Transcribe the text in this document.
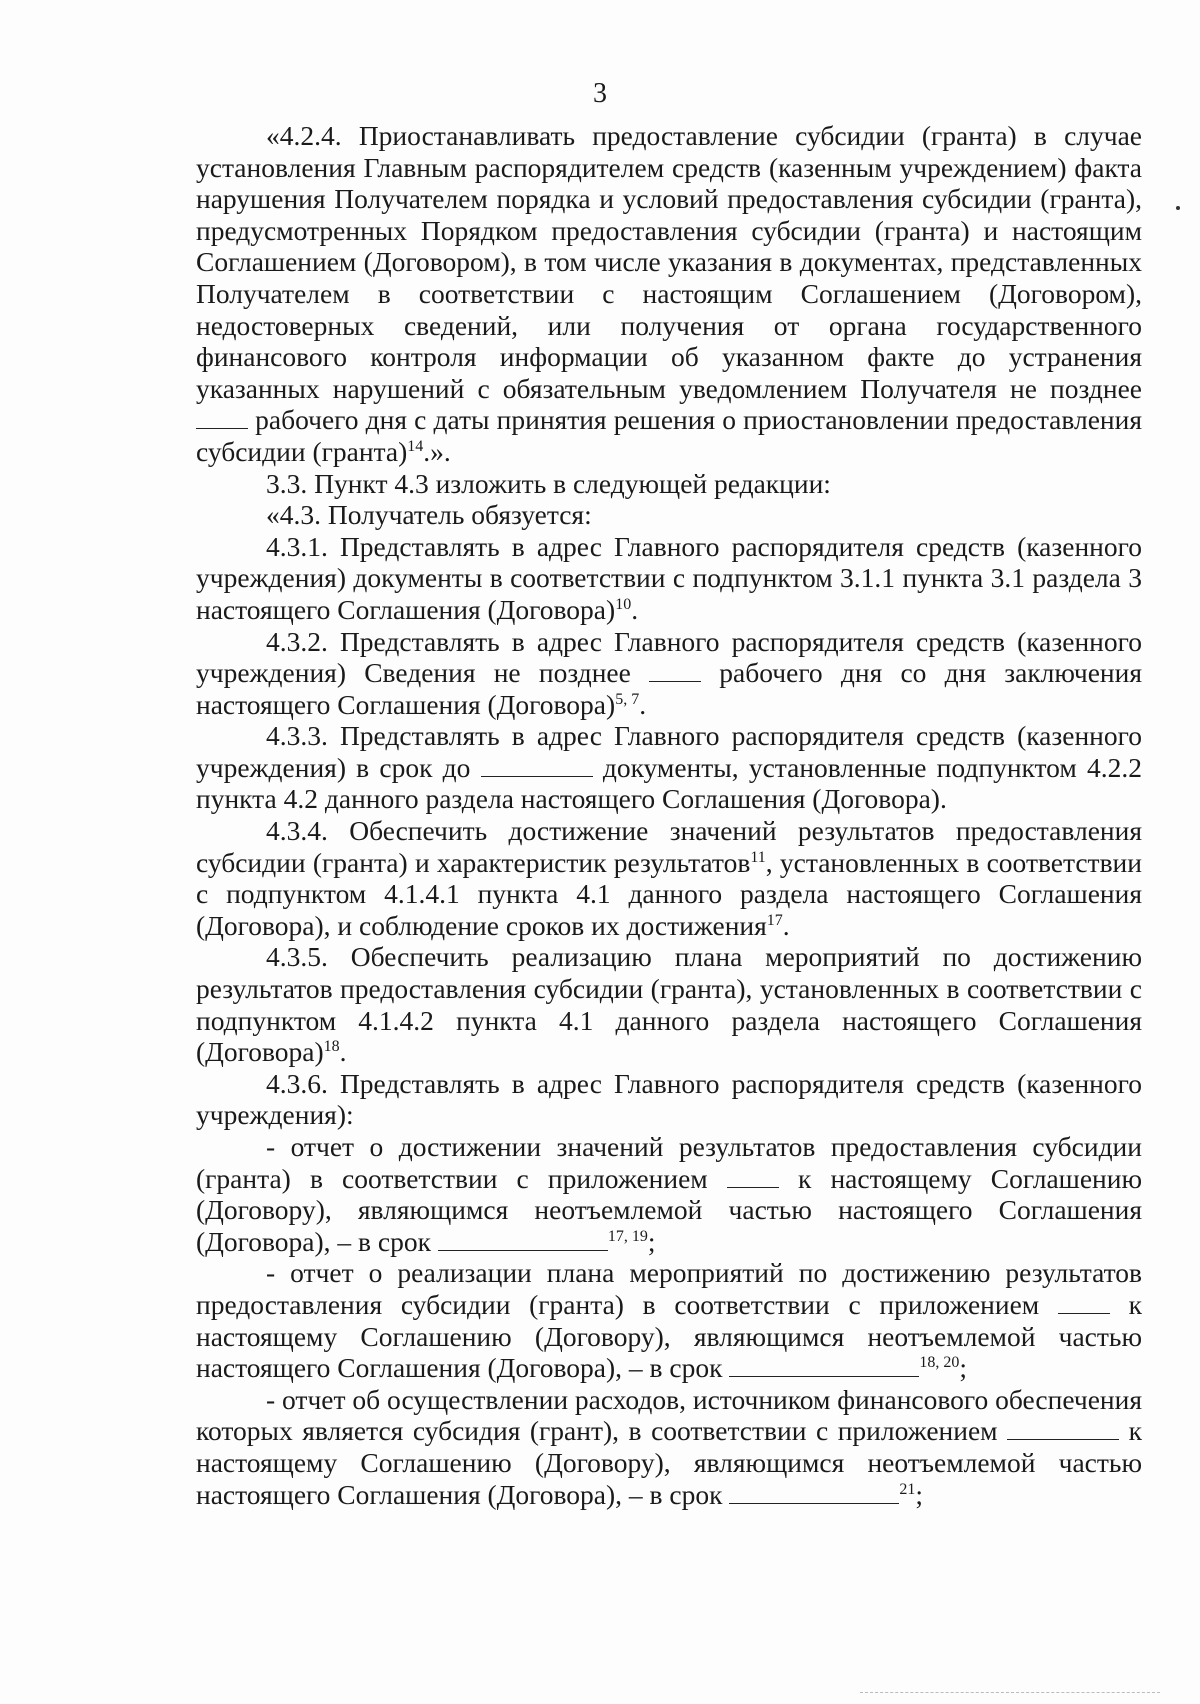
3

«4.2.4. Приостанавливать предоставление субсидии (гранта) в случае установления Главным распорядителем средств (казенным учреждением) факта нарушения Получателем порядка и условий предоставления субсидии (гранта), предусмотренных Порядком предоставления субсидии (гранта) и настоящим Соглашением (Договором), в том числе указания в документах, представленных Получателем в соответствии с настоящим Соглашением (Договором), недостоверных сведений, или получения от органа государственного финансового контроля информации об указанном факте до устранения указанных нарушений с обязательным уведомлением Получателя не позднее  рабочего дня с даты принятия решения о приостановлении предоставления субсидии (гранта)$^{14}$.».

3.3. Пункт 4.3 изложить в следующей редакции:

«4.3. Получатель обязуется:

4.3.1. Представлять в адрес Главного распорядителя средств (казенного учреждения) документы в соответствии с подпунктом 3.1.1 пункта 3.1 раздела 3 настоящего Соглашения (Договора)$^{10}$.

4.3.2. Представлять в адрес Главного распорядителя средств (казенного учреждения) Сведения не позднее	рабочего дня со дня заключения настоящего Соглашения (Договора)$^{5, 7}$.

4.3.3. Представлять в адрес Главного распорядителя средств (казенного учреждения) в срок до	документы, установленные подпунктом 4.2.2 пункта 4.2 данного раздела настоящего Соглашения (Договора).

4.3.4. Обеспечить достижение значений результатов предоставления субсидии (гранта) и характеристик результатов$^{11}$, установленных в соответствии с подпунктом 4.1.4.1 пункта 4.1 данного раздела настоящего Соглашения (Договора), и соблюдение сроков их достижения$^{17}$.

4.3.5. Обеспечить реализацию плана мероприятий по достижению результатов предоставления субсидии (гранта), установленных в соответствии с подпунктом 4.1.4.2 пункта 4.1 данного раздела настоящего Соглашения (Договора)$^{18}$.

4.3.6. Представлять в адрес Главного распорядителя средств (казенного учреждения):

- отчет о достижении значений результатов предоставления субсидии (гранта) в соответствии с приложением	к настоящему Соглашению (Договору), являющимся неотъемлемой частью настоящего Соглашения (Договора), – в срок	$^{17, 19}$;

- отчет о реализации плана мероприятий по достижению результатов предоставления субсидии (гранта) в соответствии с приложением	к настоящему Соглашению (Договору), являющимся неотъемлемой частью настоящего Соглашения (Договора), – в срок	$^{18, 20}$;

- отчет об осуществлении расходов, источником финансового обеспечения которых является субсидия (грант), в соответствии с приложением	к настоящему Соглашению (Договору), являющимся неотъемлемой частью настоящего Соглашения (Договора), – в срок	$^{21}$;
